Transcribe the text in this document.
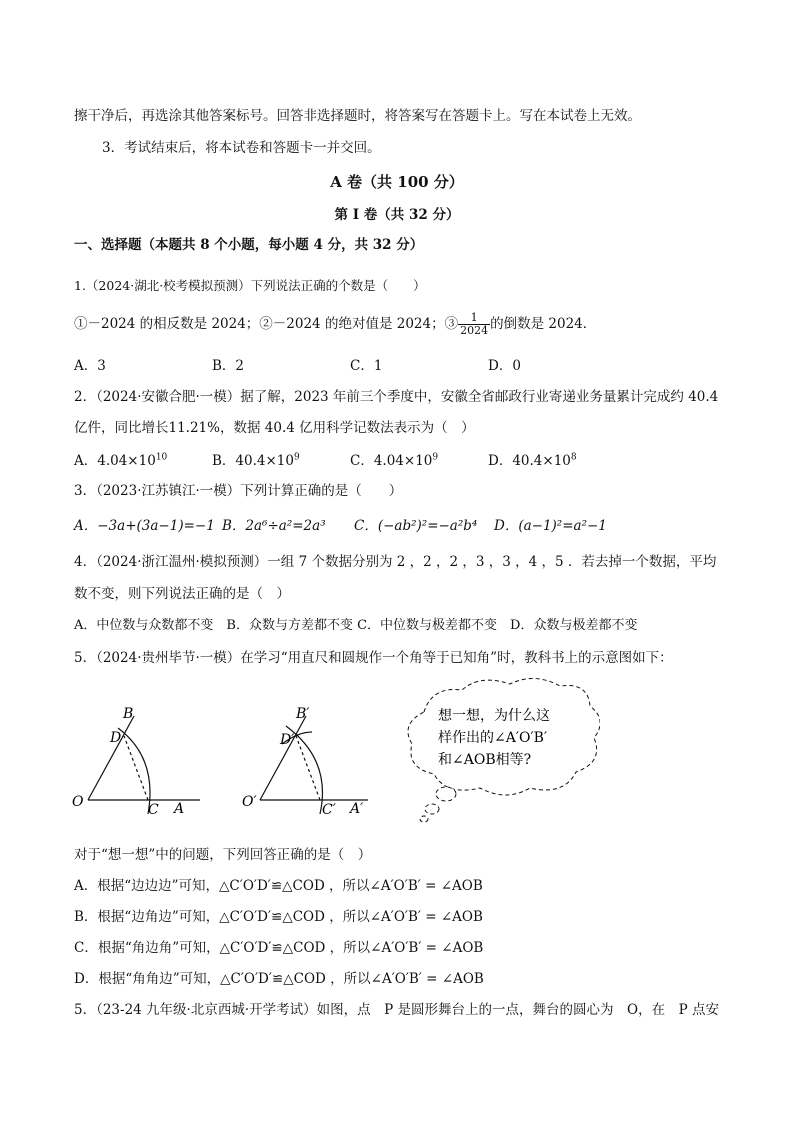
擦干净后，再选涂其他答案标号。回答非选择题时，将答案写在答题卡上。写在本试卷上无效。
3．考试结束后，将本试卷和答题卡一并交回。
A 卷（共 100 分）
第 I 卷（共 32 分）
一、选择题（本题共 8 个小题，每小题 4 分，共 32 分）
1.（2024·湖北·校考模拟预测）下列说法正确的个数是（　　）
①－2024 的相反数是 2024；②－2024 的绝对值是 2024；③ $\frac{1}{2024}$ 的倒数是 2024．
A．3	B．2	C．1	D．0
2．（2024·安徽合肥·一模）据了解，2023 年前三个季度中，安徽全省邮政行业寄递业务量累计完成约 40.4
亿件，同比增长11.21%，数据 40.4 亿用科学记数法表示为（　）
A．$4.04\times 10^{10}$	B．$40.4\times 10^9$	C．$4.04\times 10^9$	D．$40.4\times 10^8$
3．（2023·江苏镇江·一模）下列计算正确的是（　　）
A．−3a+(3a−1)=−1 B．2a⁶÷a²=2a³ C．(−ab²)²=−a²b⁴ D．(a−1)²=a²−1
4．（2024·浙江温州·模拟预测）一组 7 个数据分别为 2 ，2 ，2 ，3 ，3 ，4 ，5 ．若去掉一个数据，平均
数不变，则下列说法正确的是（　）
A．中位数与众数都不变　B．众数与方差都不变 C．中位数与极差都不变　D．众数与极差都不变
5．（2024·贵州毕节·一模）在学习“用直尺和圆规作一个角等于已知角”时，教科书上的示意图如下：
O	A
B
C
D
O′	A′
B′
C′
D′
想一想，为什么这
样作出的∠A′O′B′
和∠AOB相等?
对于“想一想”中的问题，下列回答正确的是（　）
A．根据“边边边”可知，△C′O′D′≌△COD ，所以∠A′O′B′ = ∠AOB
B．根据“边角边”可知，△C′O′D′≌△COD ，所以∠A′O′B′ = ∠AOB
C．根据“角边角”可知，△C′O′D′≌△COD ，所以∠A′O′B′ = ∠AOB
D．根据“角角边”可知，△C′O′D′≌△COD ，所以∠A′O′B′ = ∠AOB
5．（23-24 九年级·北京西城·开学考试）如图，点　P 是圆形舞台上的一点，舞台的圆心为　O，在　P 点安
